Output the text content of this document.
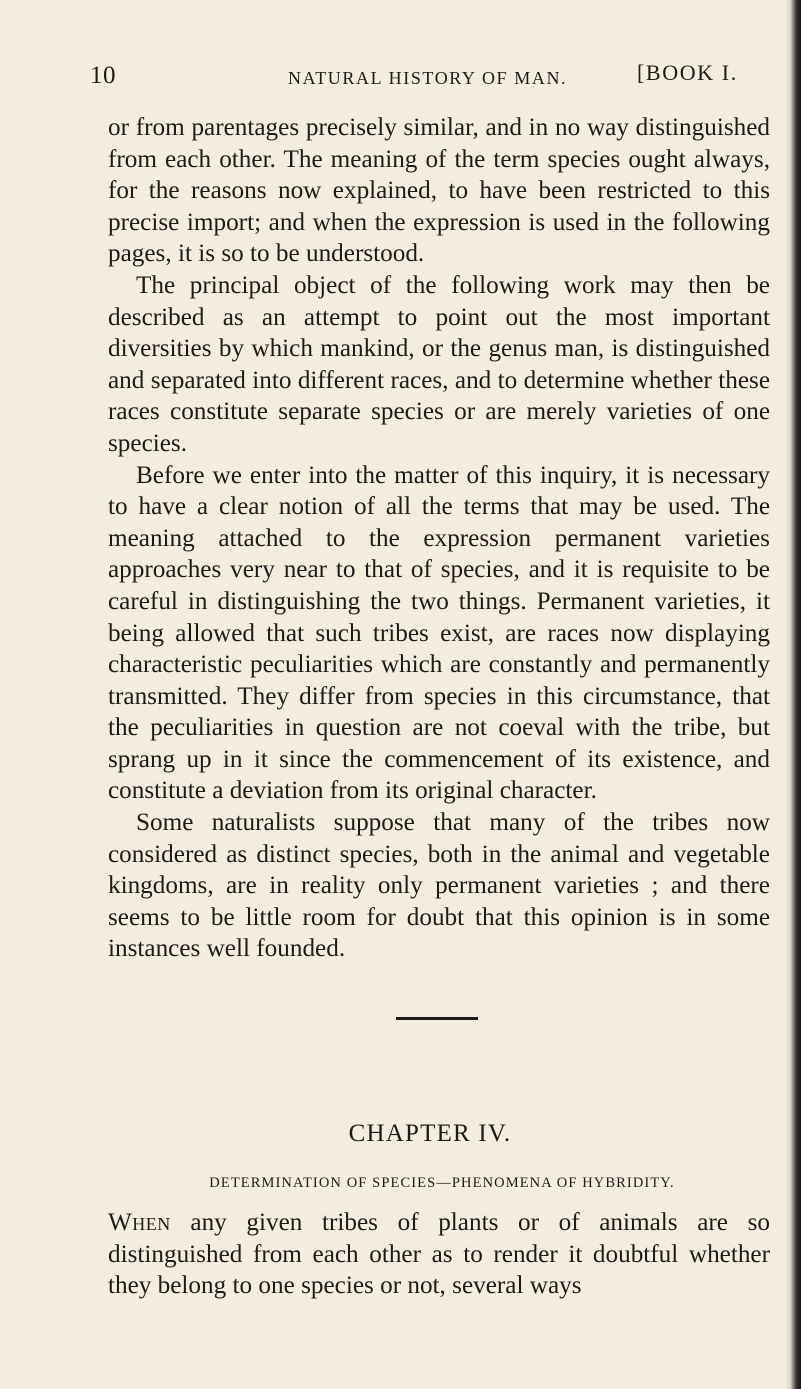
10	NATURAL HISTORY OF MAN.	[BOOK I.

or from parentages precisely similar, and in no way distinguished from each other. The meaning of the term species ought always, for the reasons now explained, to have been restricted to this precise import; and when the expression is used in the following pages, it is so to be understood.

The principal object of the following work may then be described as an attempt to point out the most important diversities by which mankind, or the genus man, is distinguished and separated into different races, and to determine whether these races constitute separate species or are merely varieties of one species.

Before we enter into the matter of this inquiry, it is necessary to have a clear notion of all the terms that may be used. The meaning attached to the expression permanent varieties approaches very near to that of species, and it is requisite to be careful in distinguishing the two things. Permanent varieties, it being allowed that such tribes exist, are races now displaying characteristic peculiarities which are constantly and permanently transmitted. They differ from species in this circumstance, that the peculiarities in question are not coeval with the tribe, but sprang up in it since the commencement of its existence, and constitute a deviation from its original character.

Some naturalists suppose that many of the tribes now considered as distinct species, both in the animal and vegetable kingdoms, are in reality only permanent varieties ; and there seems to be little room for doubt that this opinion is in some instances well founded.

CHAPTER IV.
DETERMINATION OF SPECIES—PHENOMENA OF HYBRIDITY.

When any given tribes of plants or of animals are so distinguished from each other as to render it doubtful whether they belong to one species or not, several ways
